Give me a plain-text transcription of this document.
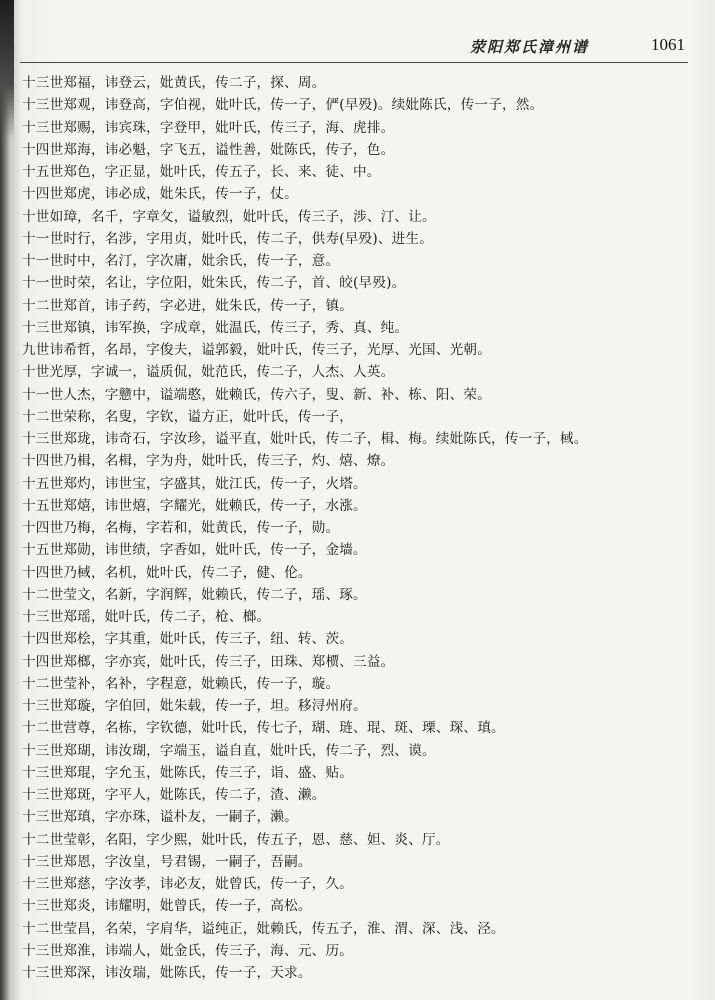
荥阳郑氏漳州谱	1061
十三世郑福，讳登云，妣黄氏，传二子，探、周。
十三世郑观，讳登高，字伯视，妣叶氏，传一子，俨(早殁)。续妣陈氏，传一子，然。
十三世郑赐，讳宾珠，字登甲，妣叶氏，传三子，海、虎排。
十四世郑海，讳必魁，字飞五，谥性善，妣陈氏，传子，色。
十五世郑色，字正显，妣叶氏，传五子，长、来、徒、中。
十四世郑虎，讳必成，妣朱氏，传一子，仗。
十世如璋，名千，字章攵，谥敏烈，妣叶氏，传三子，涉、汀、让。
十一世时行，名涉，字用贞，妣叶氏，传二子，供寿(早殁)、进生。
十一世时中，名汀，字次庸，妣余氏，传一子，意。
十一世时荣，名让，字位阳，妣朱氏，传二子，首、皎(早殁)。
十二世郑首，讳子药，字必进，妣朱氏，传一子，镇。
十三世郑镇，讳军换，字成章，妣温氏，传三子，秀、真、纯。
九世讳希哲，名昂，字俊夫，谥郭毅，妣叶氏，传三子，光厚、光国、光朝。
十世光厚，字诚一，谥质侃，妣范氏，传二子，人杰、人英。
十一世人杰，字戆中，谥端憨，妣赖氏，传六子，叟、新、补、栋、阳、荣。
十二世荣称，名叟，字钦，谥方正，妣叶氏，传一子，
十三世郑珑，讳奇石，字汝珍，谥平直，妣叶氏，传二子，楫、梅。续妣陈氏，传一子，棫。
十四世乃楫，名楫，字为舟，妣叶氏，传三子，灼、熺、燎。
十五世郑灼，讳世宝，字盛其，妣江氏，传一子，火塔。
十五世郑熺，讳世熺，字耀光，妣赖氏，传一子，水涨。
十四世乃梅，名梅，字若和，妣黄氏，传一子，勋。
十五世郑勋，讳世绩，字香如，妣叶氏，传一子，金墙。
十四世乃棫，名机，妣叶氏，传二子，健、伦。
十二世莹文，名新，字润辉，妣赖氏，传二子，瑶、琢。
十三世郑瑶，妣叶氏，传二子，枪、榔。
十四世郑桧，字其重，妣叶氏，传三子，纽、转、茨。
十四世郑榔，字亦宾，妣叶氏，传三子，田珠、郑槚、三益。
十二世莹补，名补，字程意，妣赖氏，传一子，璇。
十三世郑璇，字伯回，妣朱载，传一子，坦。移浔州府。
十二世营尊，名栋，字钦德，妣叶氏，传七子，瑚、琏、琨、斑、瑮、琛、瑱。
十三世郑瑚，讳汝瑚，字端玉，谥自直，妣叶氏，传二子，烈、谟。
十三世郑琨，字允玉，妣陈氏，传三子，诣、盛、贴。
十三世郑斑，字平人，妣陈氏，传二子，渣、濑。
十三世郑瑱，字亦珠，谥朴友，一嗣子，濑。
十二世莹彰，名阳，字少熙，妣叶氏，传五子，恩、慈、妲、炎、厅。
十三世郑恩，字汝皇，号君锡，一嗣子，吾嗣。
十三世郑慈，字汝孝，讳必友，妣曾氏，传一子，久。
十三世郑炎，讳耀明，妣曾氏，传一子，高松。
十二世莹昌，名荣，字肩华，谥纯正，妣赖氏，传五子，淮、渭、深、浅、泾。
十三世郑淮，讳端人，妣金氏，传三子，海、元、历。
十三世郑深，讳汝瑞，妣陈氏，传一子，天求。
